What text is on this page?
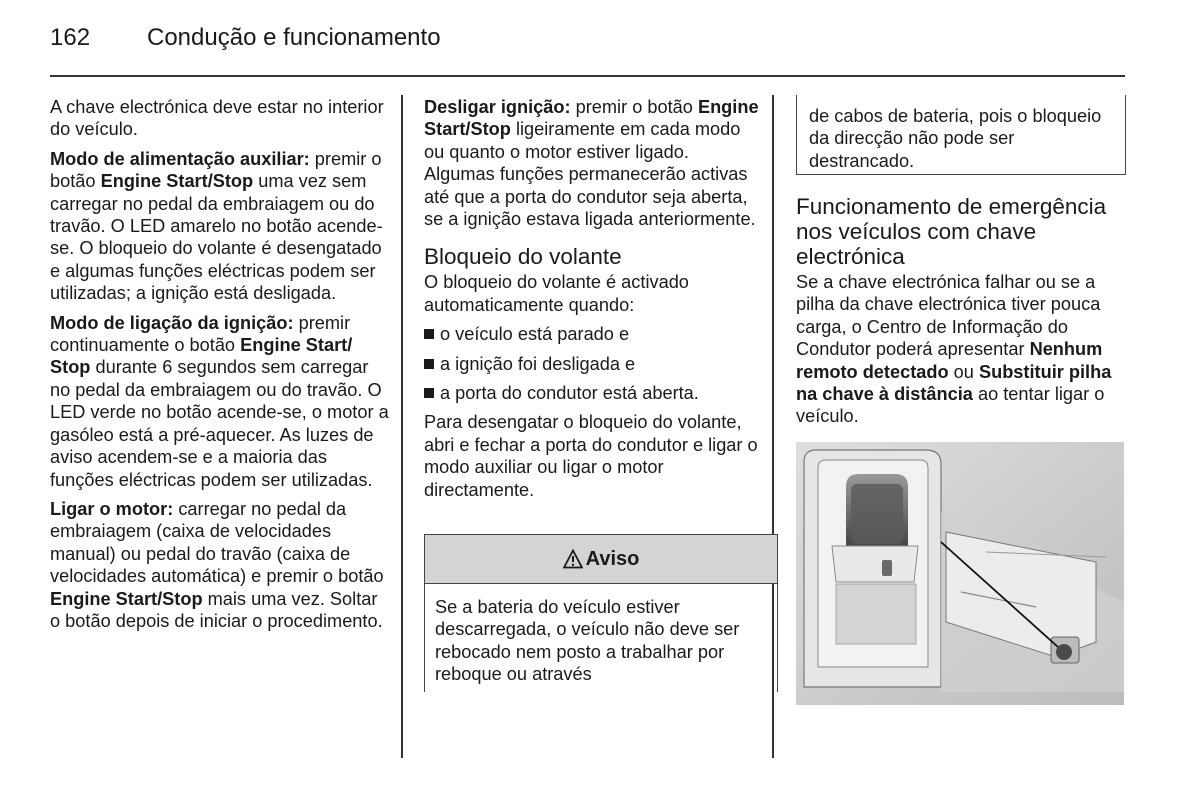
162 Condução e funcionamento

A chave electrónica deve estar no interior do veículo.

Modo de alimentação auxiliar: premir o botão Engine Start/Stop uma vez sem carregar no pedal da embraiagem ou do travão. O LED amarelo no botão acende-se. O bloqueio do volante é desengatado e algumas funções eléctricas podem ser utilizadas; a ignição está desligada.

Modo de ligação da ignição: premir continuamente o botão Engine Start/ Stop durante 6 segundos sem carregar no pedal da embraiagem ou do travão. O LED verde no botão acende-se, o motor a gasóleo está a pré-aquecer. As luzes de aviso acendem-se e a maioria das funções eléctricas podem ser utilizadas.

Ligar o motor: carregar no pedal da embraiagem (caixa de velocidades manual) ou pedal do travão (caixa de velocidades automática) e premir o botão Engine Start/Stop mais uma vez. Soltar o botão depois de iniciar o procedimento.

Desligar ignição: premir o botão Engine Start/Stop ligeiramente em cada modo ou quanto o motor estiver ligado. Algumas funções permanecerão activas até que a porta do condutor seja aberta, se a ignição estava ligada anteriormente.

Bloqueio do volante

O bloqueio do volante é activado automaticamente quando:

o veículo está parado e
a ignição foi desligada e
a porta do condutor está aberta.

Para desengatar o bloqueio do volante, abri e fechar a porta do condutor e ligar o modo auxiliar ou ligar o motor directamente.

Aviso
Se a bateria do veículo estiver descarregada, o veículo não deve ser rebocado nem posto a trabalhar por reboque ou através
de cabos de bateria, pois o bloqueio da direcção não pode ser destrancado.
Funcionamento de emergência nos veículos com chave electrónica

Se a chave electrónica falhar ou se a pilha da chave electrónica tiver pouca carga, o Centro de Informação do Condutor poderá apresentar Nenhum remoto detectado ou Substituir pilha na chave à distância ao tentar ligar o veículo.
